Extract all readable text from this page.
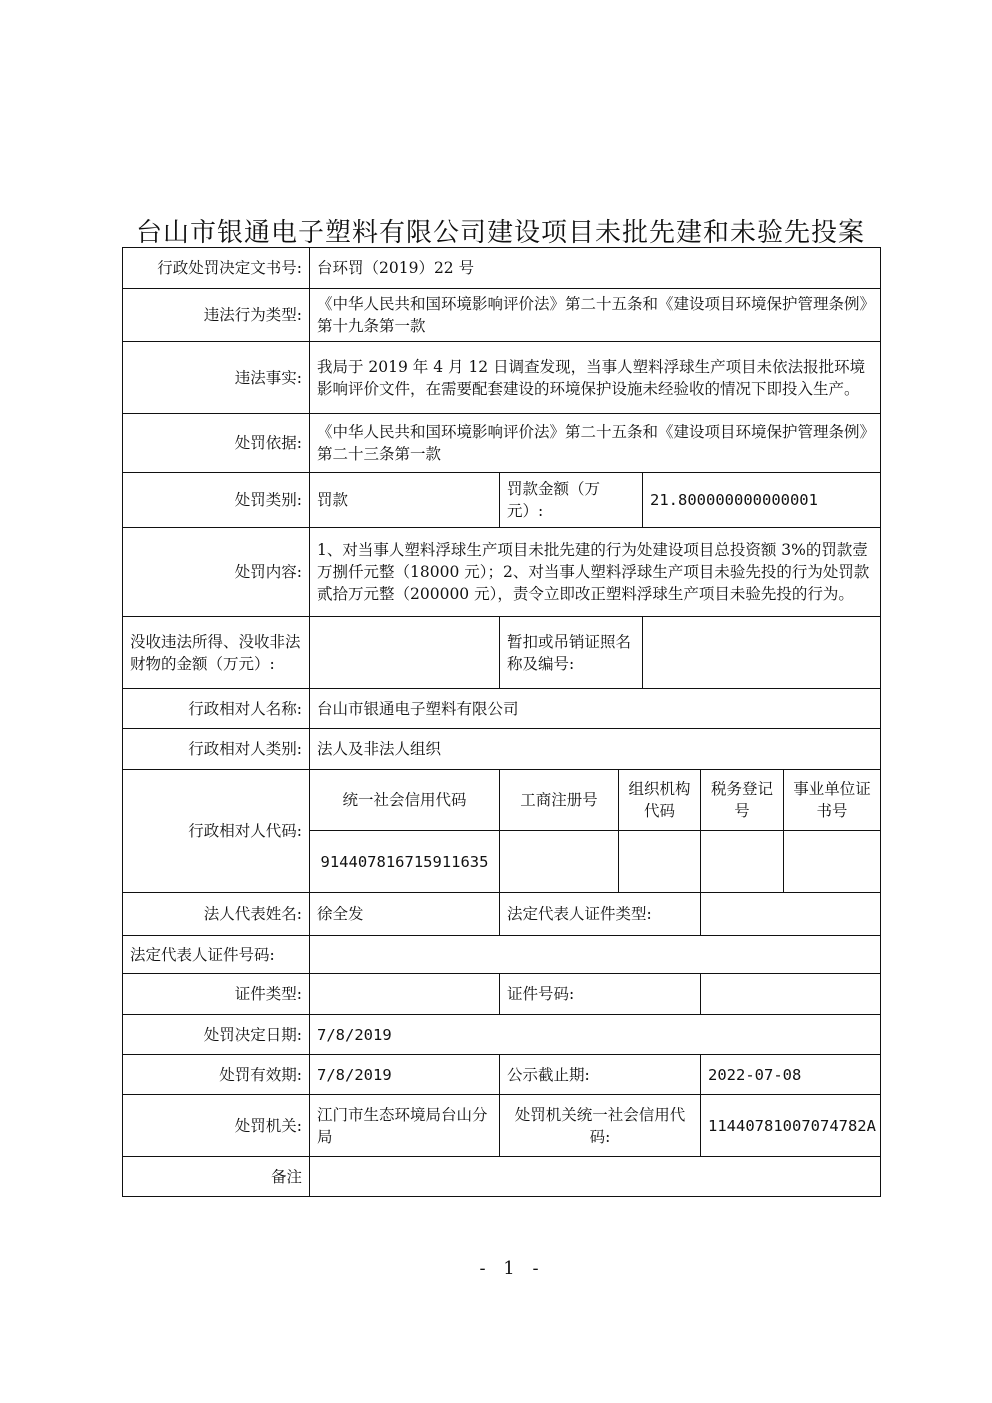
台山市银通电子塑料有限公司建设项目未批先建和未验先投案
行政处罚决定文书号:	台环罚（2019）22 号					
违法行为类型:	《中华人民共和国环境影响评价法》第二十五条和《建设项目环境保护管理条例》第十九条第一款					
违法事实:	我局于 2019 年 4 月 12 日调查发现，当事人塑料浮球生产项目未依法报批环境影响评价文件，在需要配套建设的环境保护设施未经验收的情况下即投入生产。					
处罚依据:	《中华人民共和国环境影响评价法》第二十五条和《建设项目环境保护管理条例》第二十三条第一款					
处罚类别:	罚款	罚款金额（万元）:		21.800000000000001		
处罚内容:	1、对当事人塑料浮球生产项目未批先建的行为处建设项目总投资额 3%的罚款壹万捌仟元整（18000 元）；2、对当事人塑料浮球生产项目未验先投的行为处罚款贰拾万元整（200000 元），责令立即改正塑料浮球生产项目未验先投的行为。					
没收违法所得、没收非法财物的金额（万元）:		暂扣或吊销证照名称及编号:				
行政相对人名称:	台山市银通电子塑料有限公司					
行政相对人类别:	法人及非法人组织					
行政相对人代码:	统一社会信用代码	工商注册号	组织机构代码		税务登记号	事业单位证书号
	914407816715911635					
法人代表姓名:	徐全发	法定代表人证件类型:				
法定代表人证件号码:						
证件类型:		证件号码:				
处罚决定日期:	7/8/2019					
处罚有效期:	7/8/2019	公示截止期:			2022-07-08	
处罚机关:	江门市生态环境局台山分局	处罚机关统一社会信用代码:			11440781007074782A	
备注						
- 1 -
